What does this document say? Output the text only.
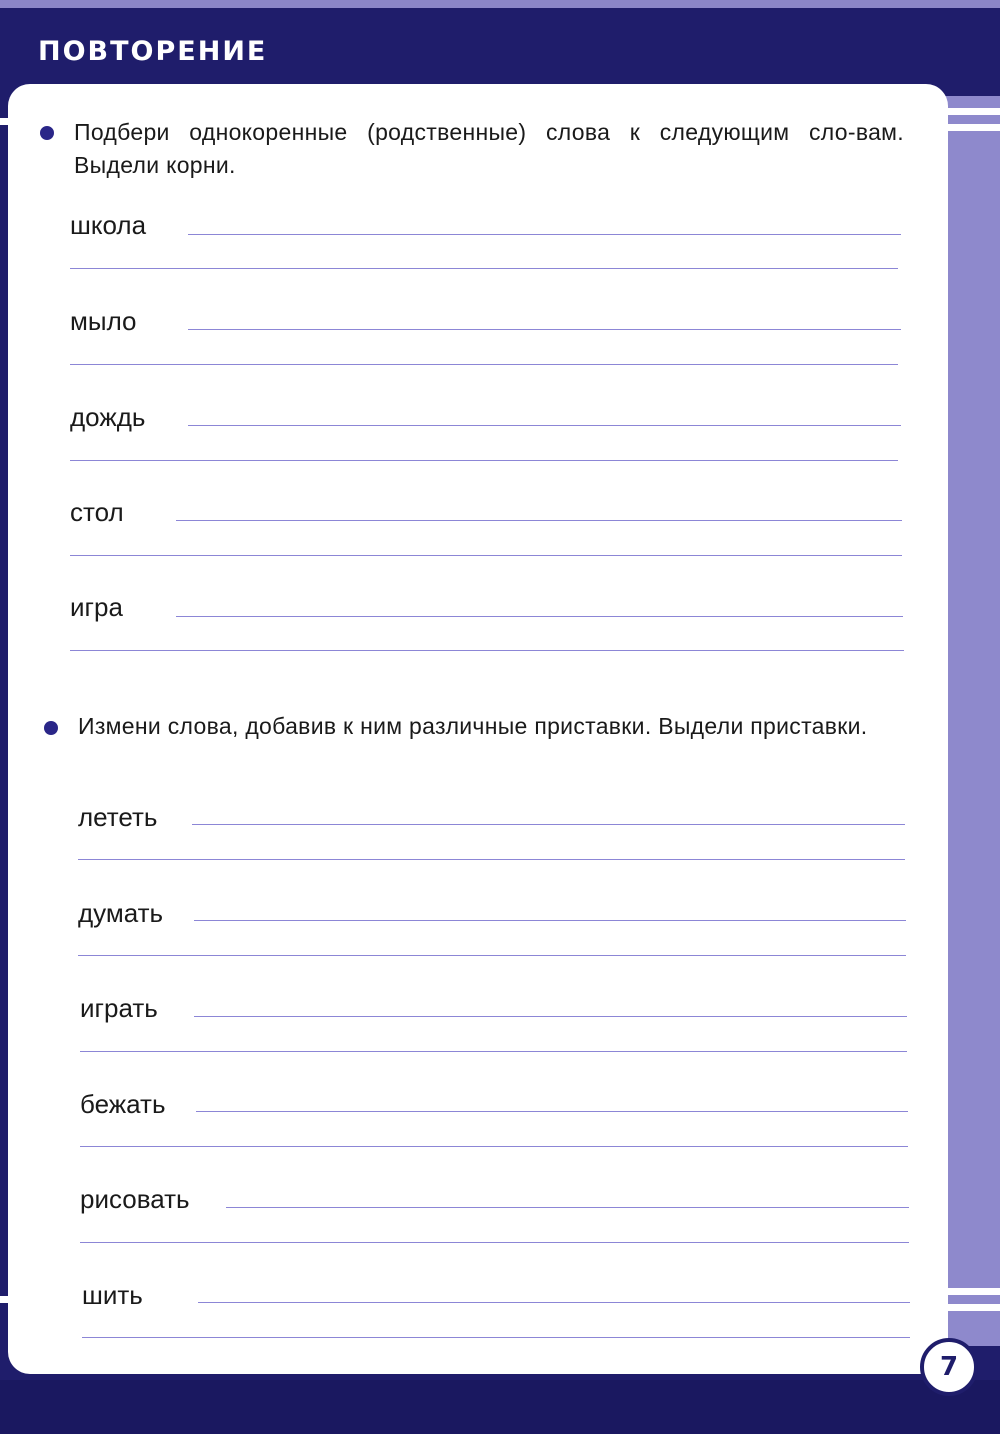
ПОВТОРЕНИЕ
Подбери однокоренные (родственные) слова к следующим сло-вам. Выдели корни.
школа
мыло
дождь
стол
игра
Измени слова, добавив к ним различные приставки. Выдели приставки.
лететь
думать
играть
бежать
рисовать
шить
7
